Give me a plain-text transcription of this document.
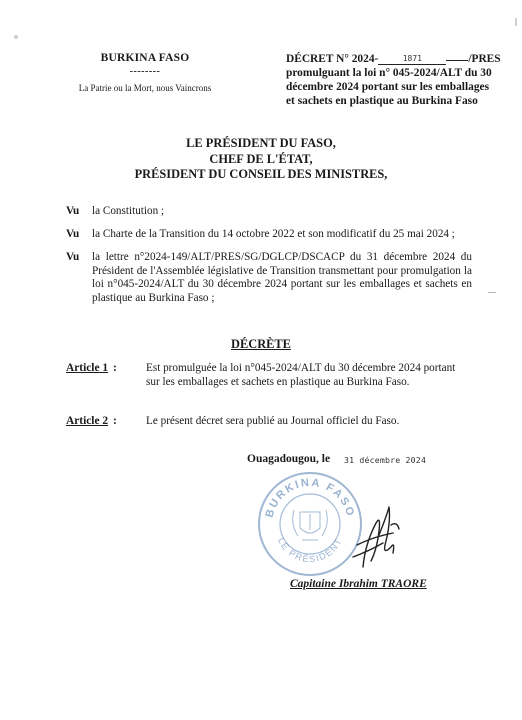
BURKINA FASO
--------
La Patrie ou la Mort, nous Vaincrons
DÉCRET N° 2024-	1871	/PRES
promulguant la loi n° 045-2024/ALT du 30
décembre 2024 portant sur les emballages
et sachets en plastique au Burkina Faso
LE PRÉSIDENT DU FASO,
CHEF DE L'ÉTAT,
PRÉSIDENT DU CONSEIL DES MINISTRES,
Vu	la Constitution ;
Vu	la Charte de la Transition du 14 octobre 2022 et son modificatif du 25 mai 2024 ;
Vu	la lettre n°2024-149/ALT/PRES/SG/DGLCP/DSCACP du 31 décembre 2024 du Président de l'Assemblée législative de Transition transmettant pour promulgation la loi n°045-2024/ALT du 30 décembre 2024 portant sur les emballages et sachets en plastique au Burkina Faso ;
DÉCRÈTE
Article 1 :	Est promulguée la loi n°045-2024/ALT du 30 décembre 2024 portant sur les emballages et sachets en plastique au Burkina Faso.
Article 2 :	Le présent décret sera publié au Journal officiel du Faso.
Ouagadougou, le 31 décembre 2024
BURKINA FASO
LE PRÉSIDENT
Capitaine Ibrahim TRAORE
